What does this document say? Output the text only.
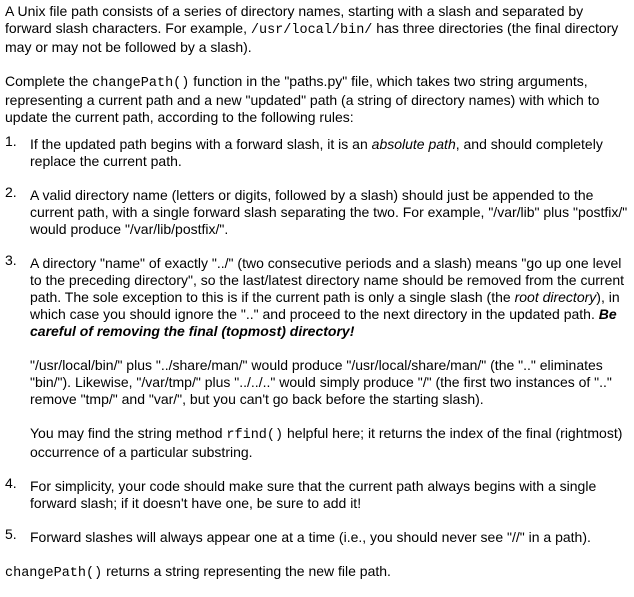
A Unix file path consists of a series of directory names, starting with a slash and separated by forward slash characters. For example, /usr/local/bin/ has three directories (the final directory may or may not be followed by a slash).

Complete the changePath() function in the "paths.py" file, which takes two string arguments, representing a current path and a new "updated" path (a string of directory names) with which to update the current path, according to the following rules:

1. If the updated path begins with a forward slash, it is an absolute path, and should completely replace the current path.
2. A valid directory name (letters or digits, followed by a slash) should just be appended to the current path, with a single forward slash separating the two. For example, "/var/lib" plus "postfix/" would produce "/var/lib/postfix/".
3. A directory "name" of exactly "../" (two consecutive periods and a slash) means "go up one level to the preceding directory", so the last/latest directory name should be removed from the current path. The sole exception to this is if the current path is only a single slash (the root directory), in which case you should ignore the ".." and proceed to the next directory in the updated path. Be careful of removing the final (topmost) directory!

"/usr/local/bin/" plus "../share/man/" would produce "/usr/local/share/man/" (the ".." eliminates "bin/"). Likewise, "/var/tmp/" plus "../../.." would simply produce "/" (the first two instances of ".." remove "tmp/" and "var/", but you can't go back before the starting slash).

You may find the string method rfind() helpful here; it returns the index of the final (rightmost) occurrence of a particular substring.

4. For simplicity, your code should make sure that the current path always begins with a single forward slash; if it doesn't have one, be sure to add it!
5. Forward slashes will always appear one at a time (i.e., you should never see "//" in a path).

changePath() returns a string representing the new file path.
